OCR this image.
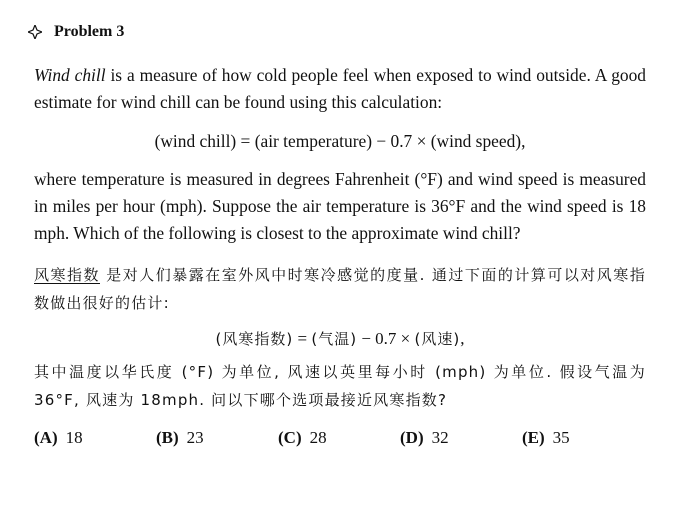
Problem 3

Wind chill is a measure of how cold people feel when exposed to wind outside. A good estimate for wind chill can be found using this calculation:

(wind chill) = (air temperature) − 0.7 × (wind speed),

where temperature is measured in degrees Fahrenheit (°F) and wind speed is measured in miles per hour (mph). Suppose the air temperature is 36°F and the wind speed is 18 mph. Which of the following is closest to the approximate wind chill?

风寒指数 是对人们暴露在室外风中时寒冷感觉的度量. 通过下面的计算可以对风寒指数做出很好的估计:

(风寒指数) = (气温) − 0.7 × (风速),

其中温度以华氏度 (°F) 为单位, 风速以英里每小时 (mph) 为单位. 假设气温为 36°F, 风速为 18mph. 问以下哪个选项最接近风寒指数?

(A) 18	(B) 23	(C) 28	(D) 32	(E) 35
